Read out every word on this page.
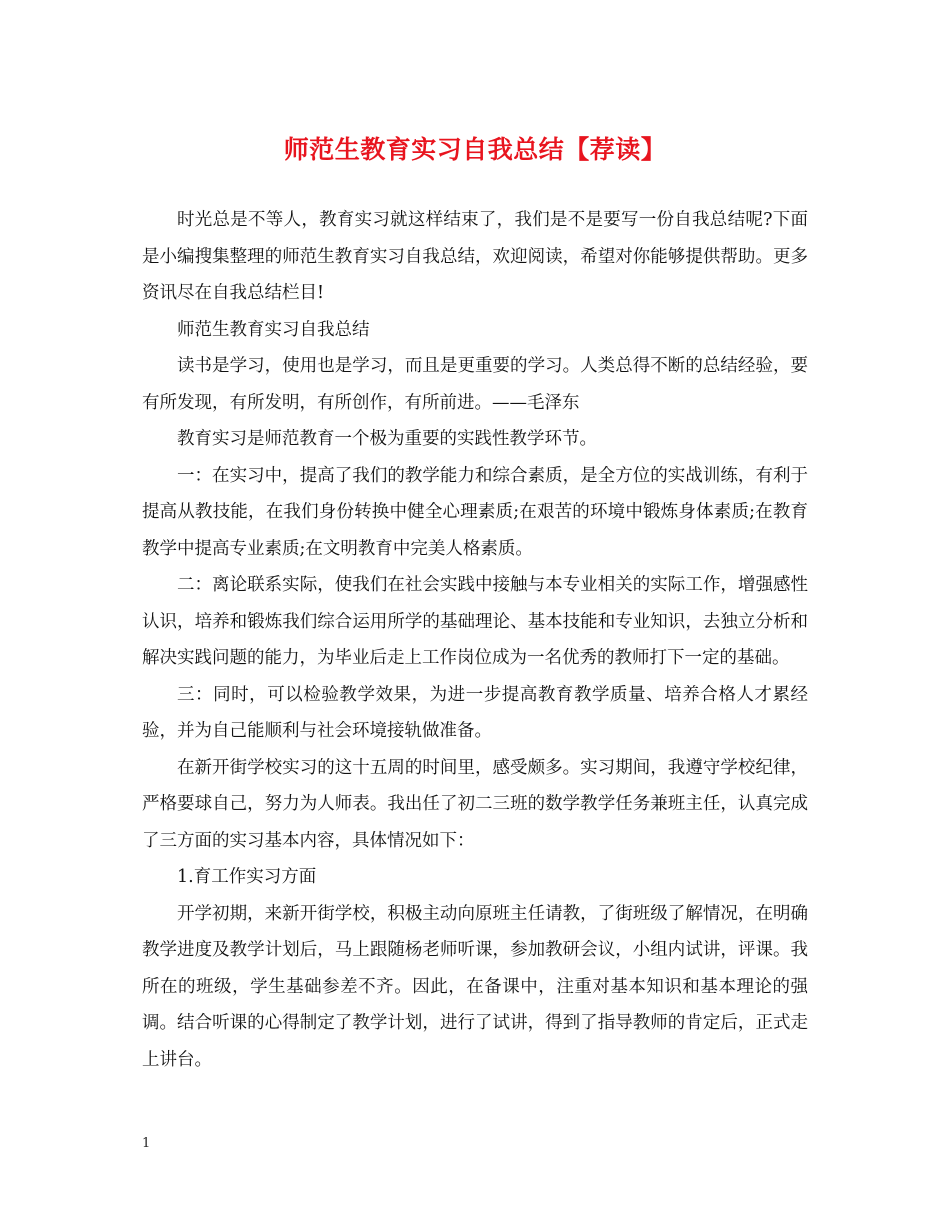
师范生教育实习自我总结【荐读】

时光总是不等人，教育实习就这样结束了，我们是不是要写一份自我总结呢?下面是小编搜集整理的师范生教育实习自我总结，欢迎阅读，希望对你能够提供帮助。更多资讯尽在自我总结栏目!

师范生教育实习自我总结

读书是学习，使用也是学习，而且是更重要的学习。人类总得不断的总结经验，要有所发现，有所发明，有所创作，有所前进。——毛泽东

教育实习是师范教育一个极为重要的实践性教学环节。

一：在实习中，提高了我们的教学能力和综合素质，是全方位的实战训练，有利于提高从教技能，在我们身份转换中健全心理素质;在艰苦的环境中锻炼身体素质;在教育教学中提高专业素质;在文明教育中完美人格素质。

二：离论联系实际，使我们在社会实践中接触与本专业相关的实际工作，增强感性认识，培养和锻炼我们综合运用所学的基础理论、基本技能和专业知识，去独立分析和解决实践问题的能力，为毕业后走上工作岗位成为一名优秀的教师打下一定的基础。

三：同时，可以检验教学效果，为进一步提高教育教学质量、培养合格人才累经验，并为自己能顺利与社会环境接轨做准备。

在新开街学校实习的这十五周的时间里，感受颇多。实习期间，我遵守学校纪律，严格要球自己，努力为人师表。我出任了初二三班的数学教学任务兼班主任，认真完成了三方面的实习基本内容，具体情况如下：

1.育工作实习方面

开学初期，来新开街学校，积极主动向原班主任请教，了街班级了解情况，在明确教学进度及教学计划后，马上跟随杨老师听课，参加教研会议，小组内试讲，评课。我所在的班级，学生基础参差不齐。因此，在备课中，注重对基本知识和基本理论的强调。结合听课的心得制定了教学计划，进行了试讲，得到了指导教师的肯定后，正式走上讲台。

1
